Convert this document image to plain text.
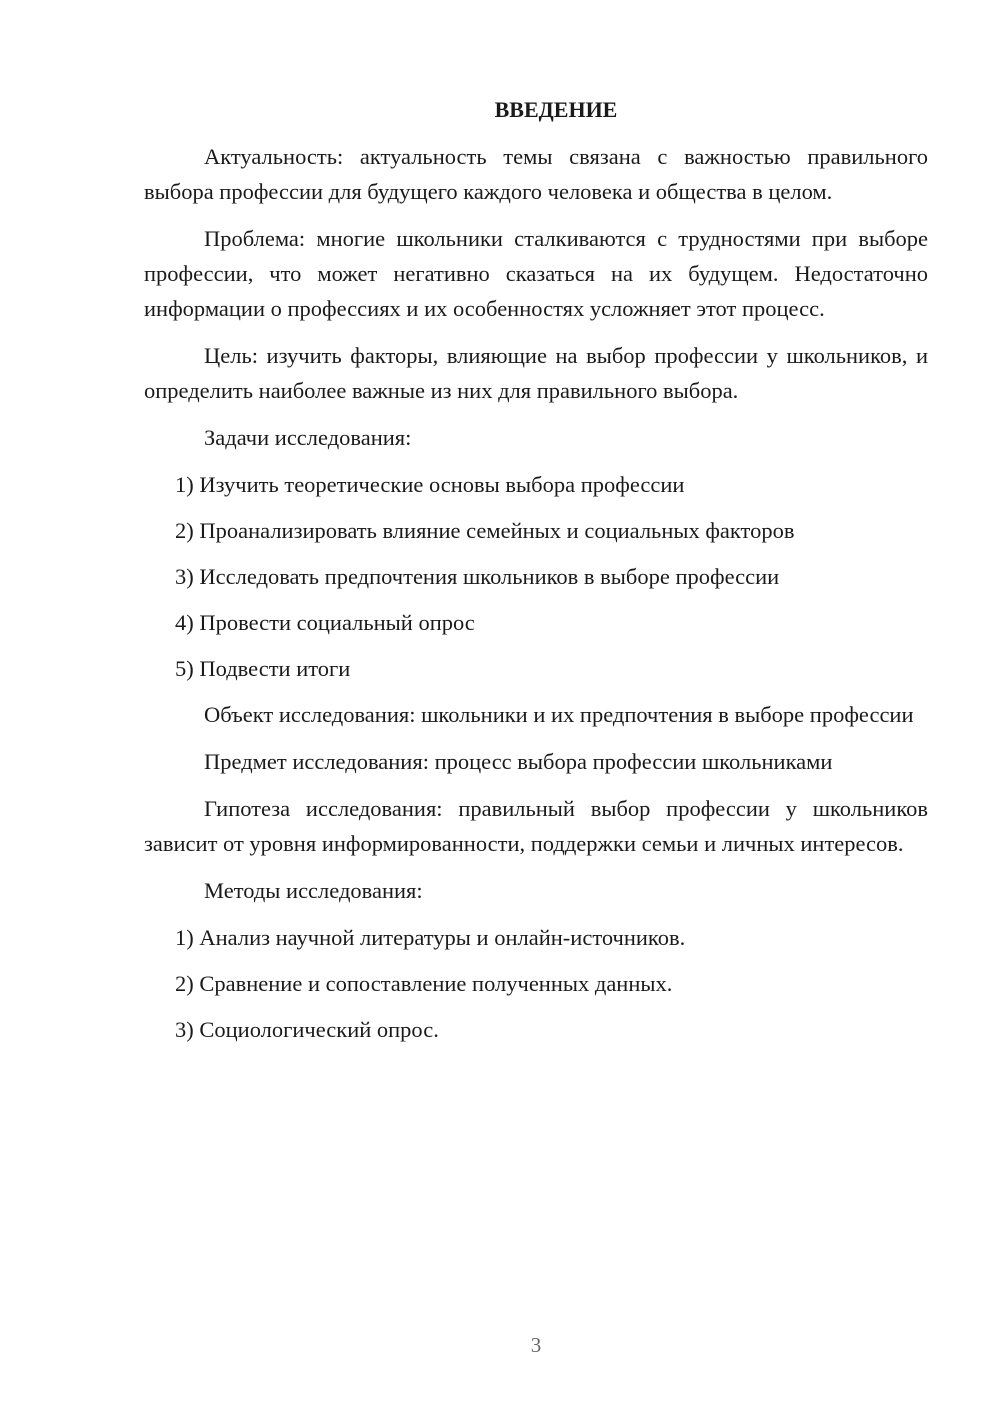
ВВЕДЕНИЕ

Актуальность: актуальность темы связана с важностью правильного выбора профессии для будущего каждого человека и общества в целом.

Проблема: многие школьники сталкиваются с трудностями при выборе профессии, что может негативно сказаться на их будущем. Недостаточно информации о профессиях и их особенностях усложняет этот процесс.

Цель: изучить факторы, влияющие на выбор профессии у школьников, и определить наиболее важные из них для правильного выбора.

Задачи исследования:

1) Изучить теоретические основы выбора профессии

2) Проанализировать влияние семейных и социальных факторов

3) Исследовать предпочтения школьников в выборе профессии

4) Провести социальный опрос

5) Подвести итоги

Объект исследования: школьники и их предпочтения в выборе профессии

Предмет исследования: процесс выбора профессии школьниками

Гипотеза исследования: правильный выбор профессии у школьников зависит от уровня информированности, поддержки семьи и личных интересов.

Методы исследования:

1) Анализ научной литературы и онлайн-источников.

2) Сравнение и сопоставление полученных данных.

3) Социологический опрос.

3
